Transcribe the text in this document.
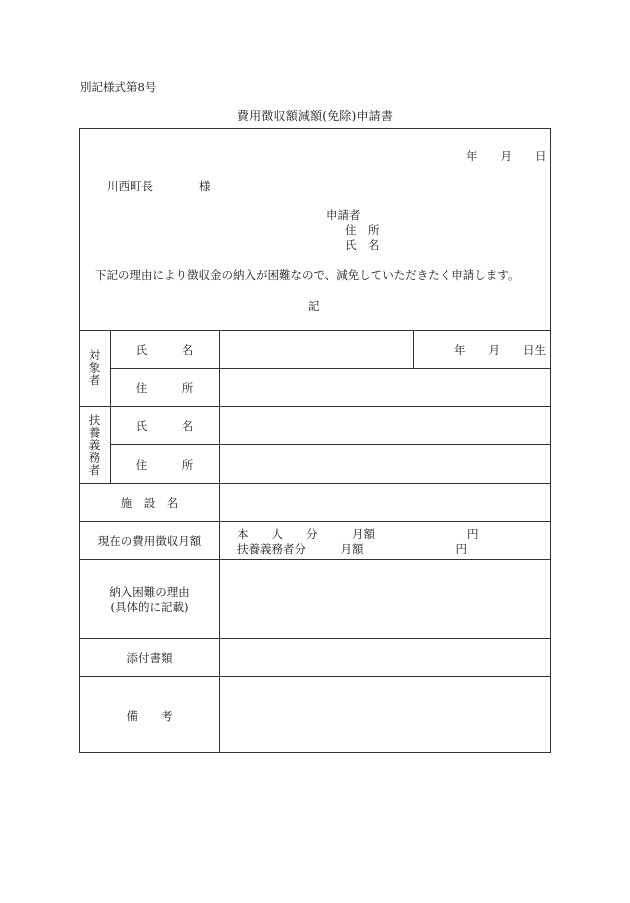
別記様式第8号
費用徴収額減額(免除)申請書
年　　月　　日
川西町長　　　　様
申請者
住　所
氏　名
下記の理由により徴収金の納入が困難なので、減免していただきたく申請します。
記
対象者
扶養義務者
氏　　　名	年　　月　　日生
住　　　所
氏　　　名
住　　　所
施　設　名
現在の費用徴収月額	本　　人　　分　　　月額　　　　　　　　円
扶養義務者分　　　月額　　　　　　　　円
納入困難の理由
(具体的に記載)
添付書類
備　　考
